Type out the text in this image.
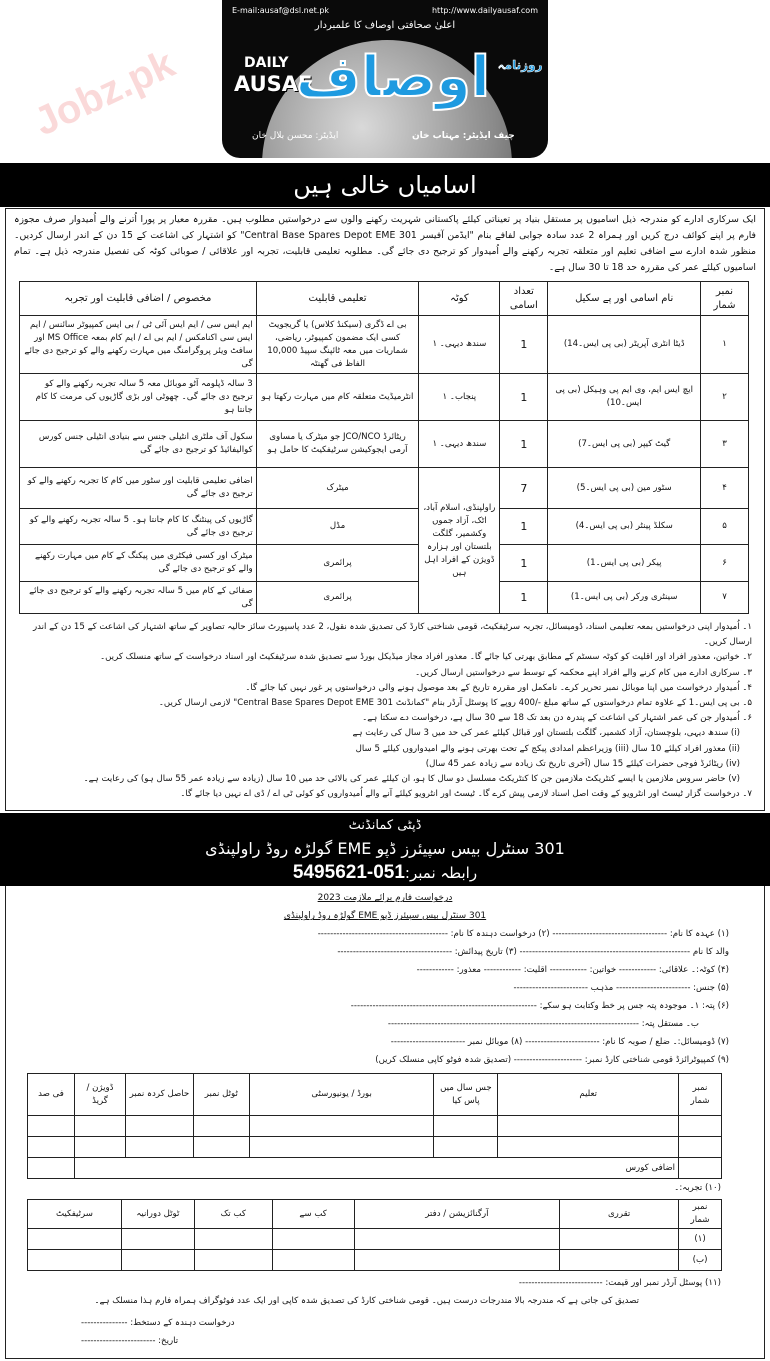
E-mail:ausaf@dsl.net.pk	http://www.dailyausaf.com
اعلیٰ صحافتی اوصاف کا علمبردار
DAILY
AUSAF
اوصاف روزنامہ
ایڈیٹر: محسن بلال خان	چیف ایڈیٹر: مہتاب خان
Jobz.pk
اسامیاں خالی ہیں
ایک سرکاری ادارے کو مندرجہ ذیل اسامیوں پر مستقل بنیاد پر تعیناتی کیلئے پاکستانی شہریت رکھنے والوں سے درخواستیں مطلوب ہیں۔ مقررہ معیار پر پورا اُترنے والے اُمیدوار صرف مجوزہ فارم پر اپنے کوائف درج کریں اور ہمراہ 2 عدد سادہ جوابی لفافے بنام "ایڈمن آفیسر 301 Central Base Spares Depot EME" کو اشتہار کی اشاعت کے 15 دن کے اندر ارسال کردیں۔ منظور شدہ ادارے سے اضافی تعلیم اور متعلقہ تجربہ رکھنے والے اُمیدوار کو ترجیح دی جائے گی۔ مطلوبہ تعلیمی قابلیت، تجربہ اور علاقائی / صوبائی کوٹہ کی تفصیل مندرجہ ذیل ہے۔ تمام اسامیوں کیلئے عمر کی مقررہ حد 18 تا 30 سال ہے۔
نمبر شمار	نام اسامی اور پے سکیل	تعداد اسامی	کوٹہ	تعلیمی قابلیت	مخصوص / اضافی قابلیت اور تجربہ
۱	ڈیٹا انٹری آپریٹر (بی پی ایس۔14)	1	سندھ دیہی۔ ۱	بی اے ڈگری (سیکنڈ کلاس) یا گریجویٹ کسی ایک مضمون کمپیوٹر، ریاضی، شماریات میں معہ ٹائپنگ سپیڈ 10,000 الفاظ فی گھنٹہ	ایم ایس سی / ایم ایس آئی ٹی / بی ایس کمپیوٹر سائنس / ایم ایس سی اکنامکس / ایم بی اے / ایم کام بمعہ MS Office اور سافٹ ویئر پروگرامنگ میں مہارت رکھنے والے کو ترجیح دی جائے گی
۲	ایچ ایس ایم، وی ایم پی وہیکل (بی پی ایس۔10)	1	پنجاب۔ ۱	انٹرمیڈیٹ متعلقہ کام میں مہارت رکھتا ہو	3 سالہ ڈپلومہ آٹو موبائل معہ 5 سالہ تجربہ رکھنے والے کو ترجیح دی جائے گی۔ چھوٹی اور بڑی گاڑیوں کی مرمت کا کام جانتا ہو
۳	گیٹ کیپر (بی پی ایس۔7)	1	سندھ دیہی۔ ۱	ریٹائرڈ JCO/NCO جو میٹرک یا مساوی آرمی ایجوکیشن سرٹیفکیٹ کا حامل ہو	سکول آف ملٹری انٹیلی جنس سے بنیادی انٹیلی جنس کورس کوالیفائیڈ کو ترجیح دی جائے گی
۴	سٹور مین (بی پی ایس۔5)	7	راولپنڈی، اسلام آباد، اٹک، آزاد جموں وکشمیر، گلگت بلتستان اور ہزارہ ڈویژن کے افراد اہل ہیں	میٹرک	اضافی تعلیمی قابلیت اور سٹور میں کام کا تجربہ رکھنے والے کو ترجیح دی جائے گی
۵	سکلڈ پینٹر (بی پی ایس۔4)	1		مڈل	گاڑیوں کی پینٹنگ کا کام جانتا ہو۔ 5 سالہ تجربہ رکھنے والے کو ترجیح دی جائے گی
۶	پیکر (بی پی ایس۔1)	1		پرائمری	میٹرک اور کسی فیکٹری میں پیکنگ کے کام میں مہارت رکھنے والے کو ترجیح دی جائے گی
۷	سینٹری ورکر (بی پی ایس۔1)	1		پرائمری	صفائی کے کام میں 5 سالہ تجربہ رکھنے والے کو ترجیح دی جائے گی
۱۔ اُمیدوار اپنی درخواستیں بمعہ تعلیمی اسناد، ڈومیسائل، تجربہ سرٹیفکیٹ، قومی شناختی کارڈ کی تصدیق شدہ نقول، 2 عدد پاسپورٹ سائز حالیہ تصاویر کے ساتھ اشتہار کی اشاعت کے 15 دن کے اندر ارسال کریں۔
۲۔ خواتین، معذور افراد اور اقلیت کو کوٹہ سسٹم کے مطابق بھرتی کیا جائے گا۔ معذور افراد مجاز میڈیکل بورڈ سے تصدیق شدہ سرٹیفکیٹ اور اسناد درخواست کے ساتھ منسلک کریں۔
۳۔ سرکاری ادارے میں کام کرنے والے افراد اپنے محکمہ کے توسط سے درخواستیں ارسال کریں۔
۴۔ اُمیدوار درخواست میں اپنا موبائل نمبر تحریر کرے۔ نامکمل اور مقررہ تاریخ کے بعد موصول ہونے والی درخواستوں پر غور نہیں کیا جائے گا۔
۵۔ بی پی ایس۔1 کے علاوہ تمام درخواستوں کے ساتھ مبلغ -/400 روپے کا پوسٹل آرڈر بنام "کمانڈنٹ 301 Central Base Spares Depot EME" لازمی ارسال کریں۔
۶۔ اُمیدوار جن کی عمر اشتہار کی اشاعت کے پندرہ دن بعد تک 18 سے 30 سال ہے، درخواست دے سکتا ہے۔
(i) سندھ دیہی، بلوچستان، آزاد کشمیر، گلگت بلتستان اور قبائل کیلئے عمر کی حد میں 3 سال کی رعایت ہے
(ii) معذور افراد کیلئے 10 سال (iii) وزیراعظم امدادی پیکج کے تحت بھرتی ہونے والے امیدواروں کیلئے 5 سال
(iv) ریٹائرڈ فوجی حضرات کیلئے 15 سال (آخری تاریخ تک زیادہ سے زیادہ عمر 45 سال)
(v) حاضر سروس ملازمین یا ایسے کنٹریکٹ ملازمین جن کا کنٹریکٹ مسلسل دو سال کا ہو، ان کیلئے عمر کی بالائی حد میں 10 سال (زیادہ سے زیادہ عمر 55 سال ہو) کی رعایت ہے۔
۷۔ درخواست گزار ٹیسٹ اور انٹرویو کے وقت اصل اسناد لازمی پیش کرے گا۔ ٹیسٹ اور انٹرویو کیلئے آنے والے اُمیدواروں کو کوئی ٹی اے / ڈی اے نہیں دیا جائے گا۔
ڈپٹی کمانڈنٹ
301 سنٹرل بیس سپیئرز ڈپو EME گولڑہ روڈ راولپنڈی
رابطہ نمبر:051-5495621
درخواست فارم برائے ملازمت 2023
301 سنٹرل بیس سپیئرز ڈپو EME گولڑہ روڈ راولپنڈی
(۱) عہدہ کا نام: ------------------------------------- (۲) درخواست دہندہ کا نام: ------------------------------------------
والد کا نام ------------------------------------------------------- (۳) تاریخ پیدائش: -------------------------------------
(۴) کوٹہ:۔ علاقائی: ------------ خواتین: ------------ اقلیت: ------------ معذور: ------------
(۵) جنس: ------------------------ مذہب ------------------------
(۶) پتہ: ۱۔ موجودہ پتہ جس پر خط وکتابت ہو سکے: ------------------------------------------------------------
ب۔ مستقل پتہ: ---------------------------------------------------------------------------------
(۷) ڈومیسائل:۔ ضلع / صوبہ کا نام: ------------------------ (۸) موبائل نمبر ------------------------
(۹) کمپیوٹرائزڈ قومی شناختی کارڈ نمبر: ---------------------- (تصدیق شدہ فوٹو کاپی منسلک کریں)
نمبر شمار	تعلیم	جس سال میں پاس کیا	بورڈ / یونیورسٹی	ٹوٹل نمبر	حاصل کردہ نمبر	ڈویژن / گریڈ	فی صد

	اضافی کورس						
(۱۰) تجربہ:۔
نمبر شمار	تقرری	آرگنائزیشن / دفتر	کب سے	کب تک	ٹوٹل دورانیہ	سرٹیفکیٹ
(۱)						
(ب)						
(۱۱) پوسٹل آرڈر نمبر اور قیمت: ---------------------------
تصدیق کی جاتی ہے کہ مندرجہ بالا مندرجات درست ہیں۔ قومی شناختی کارڈ کی تصدیق شدہ کاپی اور ایک عدد فوٹوگراف ہمراہ فارم ہذا منسلک ہے۔
درخواست دہندہ کے دستخط: ---------------
تاریخ: ------------------------
